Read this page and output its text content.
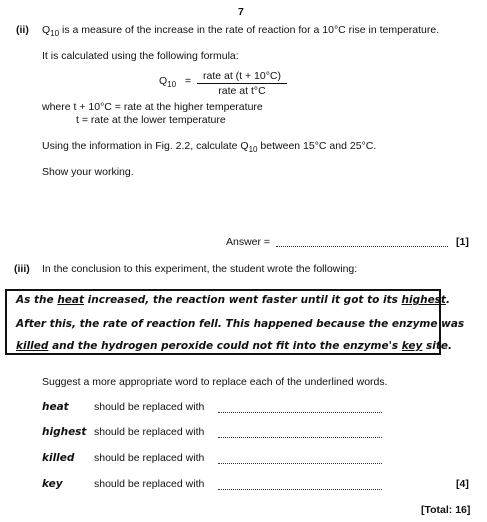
7
(ii) $Q_{10}$ is a measure of the increase in the rate of reaction for a 10°C rise in temperature.
It is calculated using the following formula:
$Q_{10}$ =	rate at (t + 10°C)
rate at t°C
where t + 10°C = rate at the higher temperature
t = rate at the lower temperature
Using the information in Fig. 2.2, calculate $Q_{10}$ between 15°C and 25°C.
Show your working.
Answer =	[1]
(iii) In the conclusion to this experiment, the student wrote the following:
As the heat increased, the reaction went faster until it got to its highest.
After this, the rate of reaction fell. This happened because the enzyme was
killed and the hydrogen peroxide could not fit into the enzyme's key site.
Suggest a more appropriate word to replace each of the underlined words.
heat should be replaced with
highest should be replaced with
killed should be replaced with
key	should be replaced with	[4]
[Total: 16]
